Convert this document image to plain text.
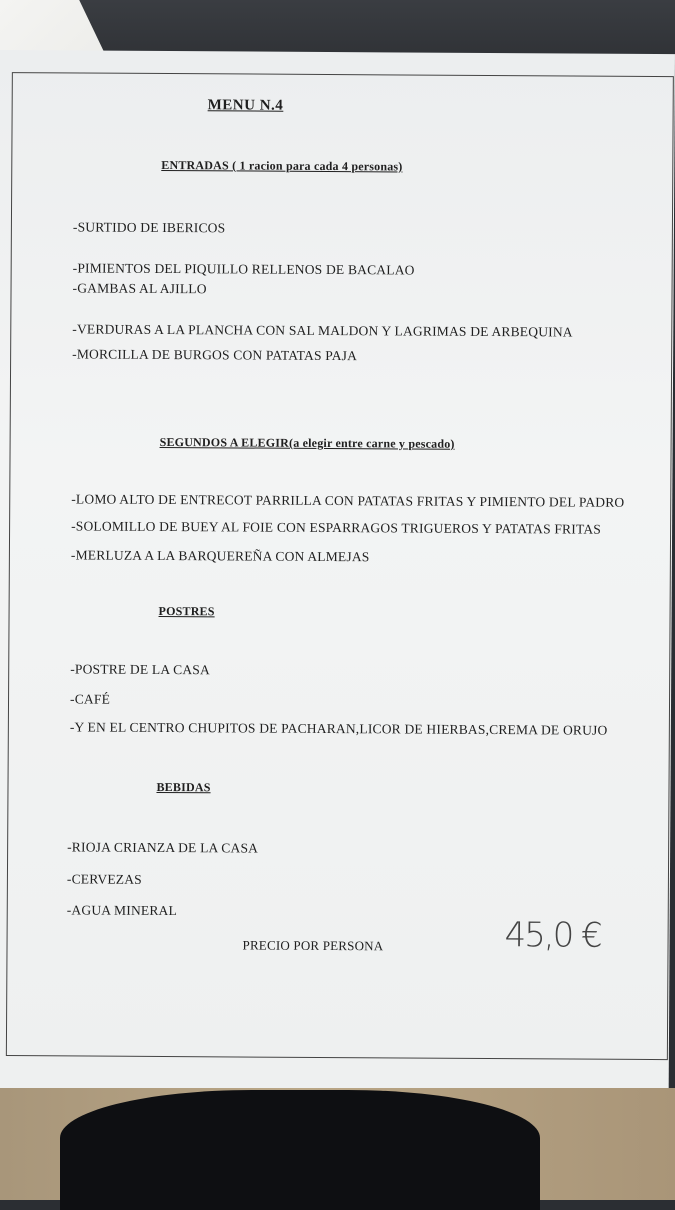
MENU N.4
ENTRADAS ( 1 racion para cada 4 personas)
-SURTIDO DE IBERICOS
-PIMIENTOS DEL PIQUILLO RELLENOS DE BACALAO
-GAMBAS AL AJILLO
-VERDURAS A LA PLANCHA CON SAL MALDON Y LAGRIMAS DE ARBEQUINA
-MORCILLA DE BURGOS CON PATATAS PAJA
SEGUNDOS A ELEGIR(a elegir entre carne y pescado)
-LOMO ALTO DE ENTRECOT PARRILLA CON PATATAS FRITAS Y PIMIENTO DEL PADRO
-SOLOMILLO DE BUEY AL FOIE CON ESPARRAGOS TRIGUEROS Y PATATAS FRITAS
-MERLUZA A LA BARQUEREÑA CON ALMEJAS
POSTRES
-POSTRE DE LA CASA
-CAFÉ
-Y EN EL CENTRO CHUPITOS DE PACHARAN,LICOR DE HIERBAS,CREMA DE ORUJO
BEBIDAS
-RIOJA CRIANZA DE LA CASA
-CERVEZAS
-AGUA MINERAL
PRECIO POR PERSONA	45,0 €
